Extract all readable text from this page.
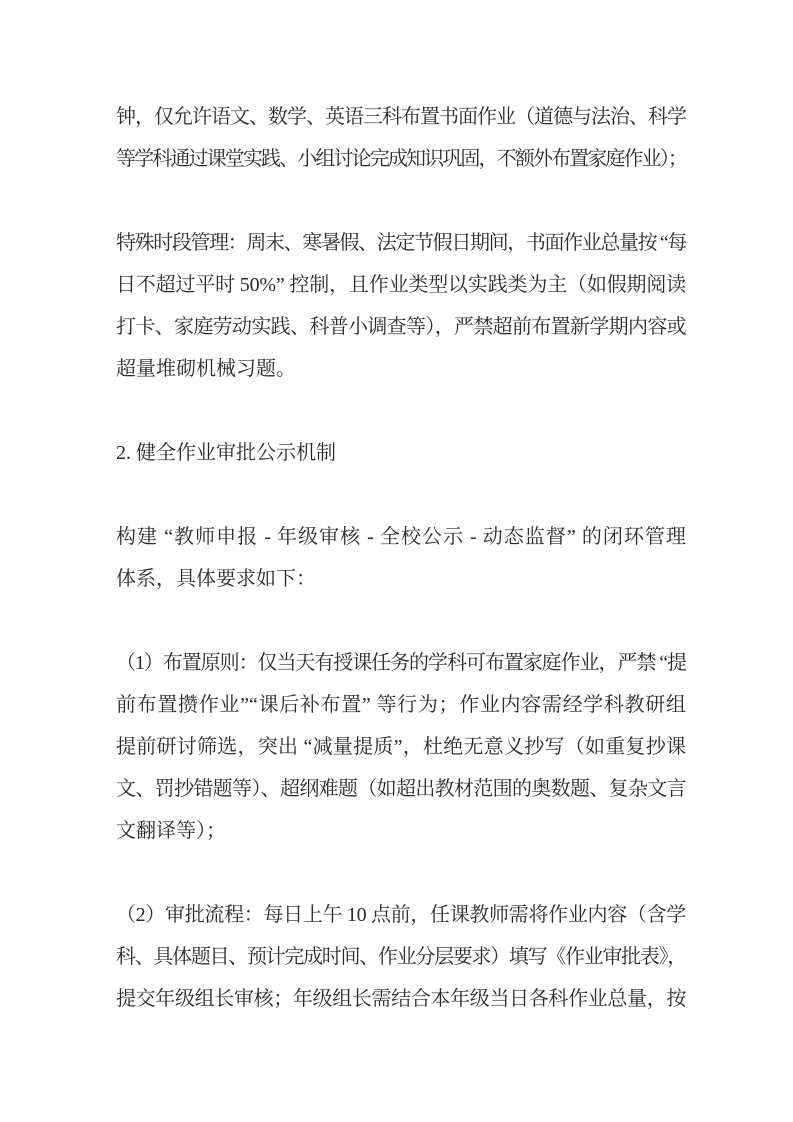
钟，仅允许语文、数学、英语三科布置书面作业（道德与法治、科学
等学科通过课堂实践、小组讨论完成知识巩固，不额外布置家庭作业）；
特殊时段管理：周末、寒暑假、法定节假日期间，书面作业总量按 “每
日不超过平时 50%” 控制，且作业类型以实践类为主（如假期阅读
打卡、家庭劳动实践、科普小调查等），严禁超前布置新学期内容或
超量堆砌机械习题。
2. 健全作业审批公示机制
构建 “教师申报 - 年级审核 - 全校公示 - 动态监督” 的闭环管理
体系，具体要求如下：
（1）布置原则：仅当天有授课任务的学科可布置家庭作业，严禁 “提
前布置攒作业”“课后补布置” 等行为；作业内容需经学科教研组
提前研讨筛选，突出 “减量提质”，杜绝无意义抄写（如重复抄课
文、罚抄错题等）、超纲难题（如超出教材范围的奥数题、复杂文言
文翻译等）；
（2）审批流程：每日上午 10 点前，任课教师需将作业内容（含学
科、具体题目、预计完成时间、作业分层要求）填写《作业审批表》，
提交年级组长审核；年级组长需结合本年级当日各科作业总量，按
